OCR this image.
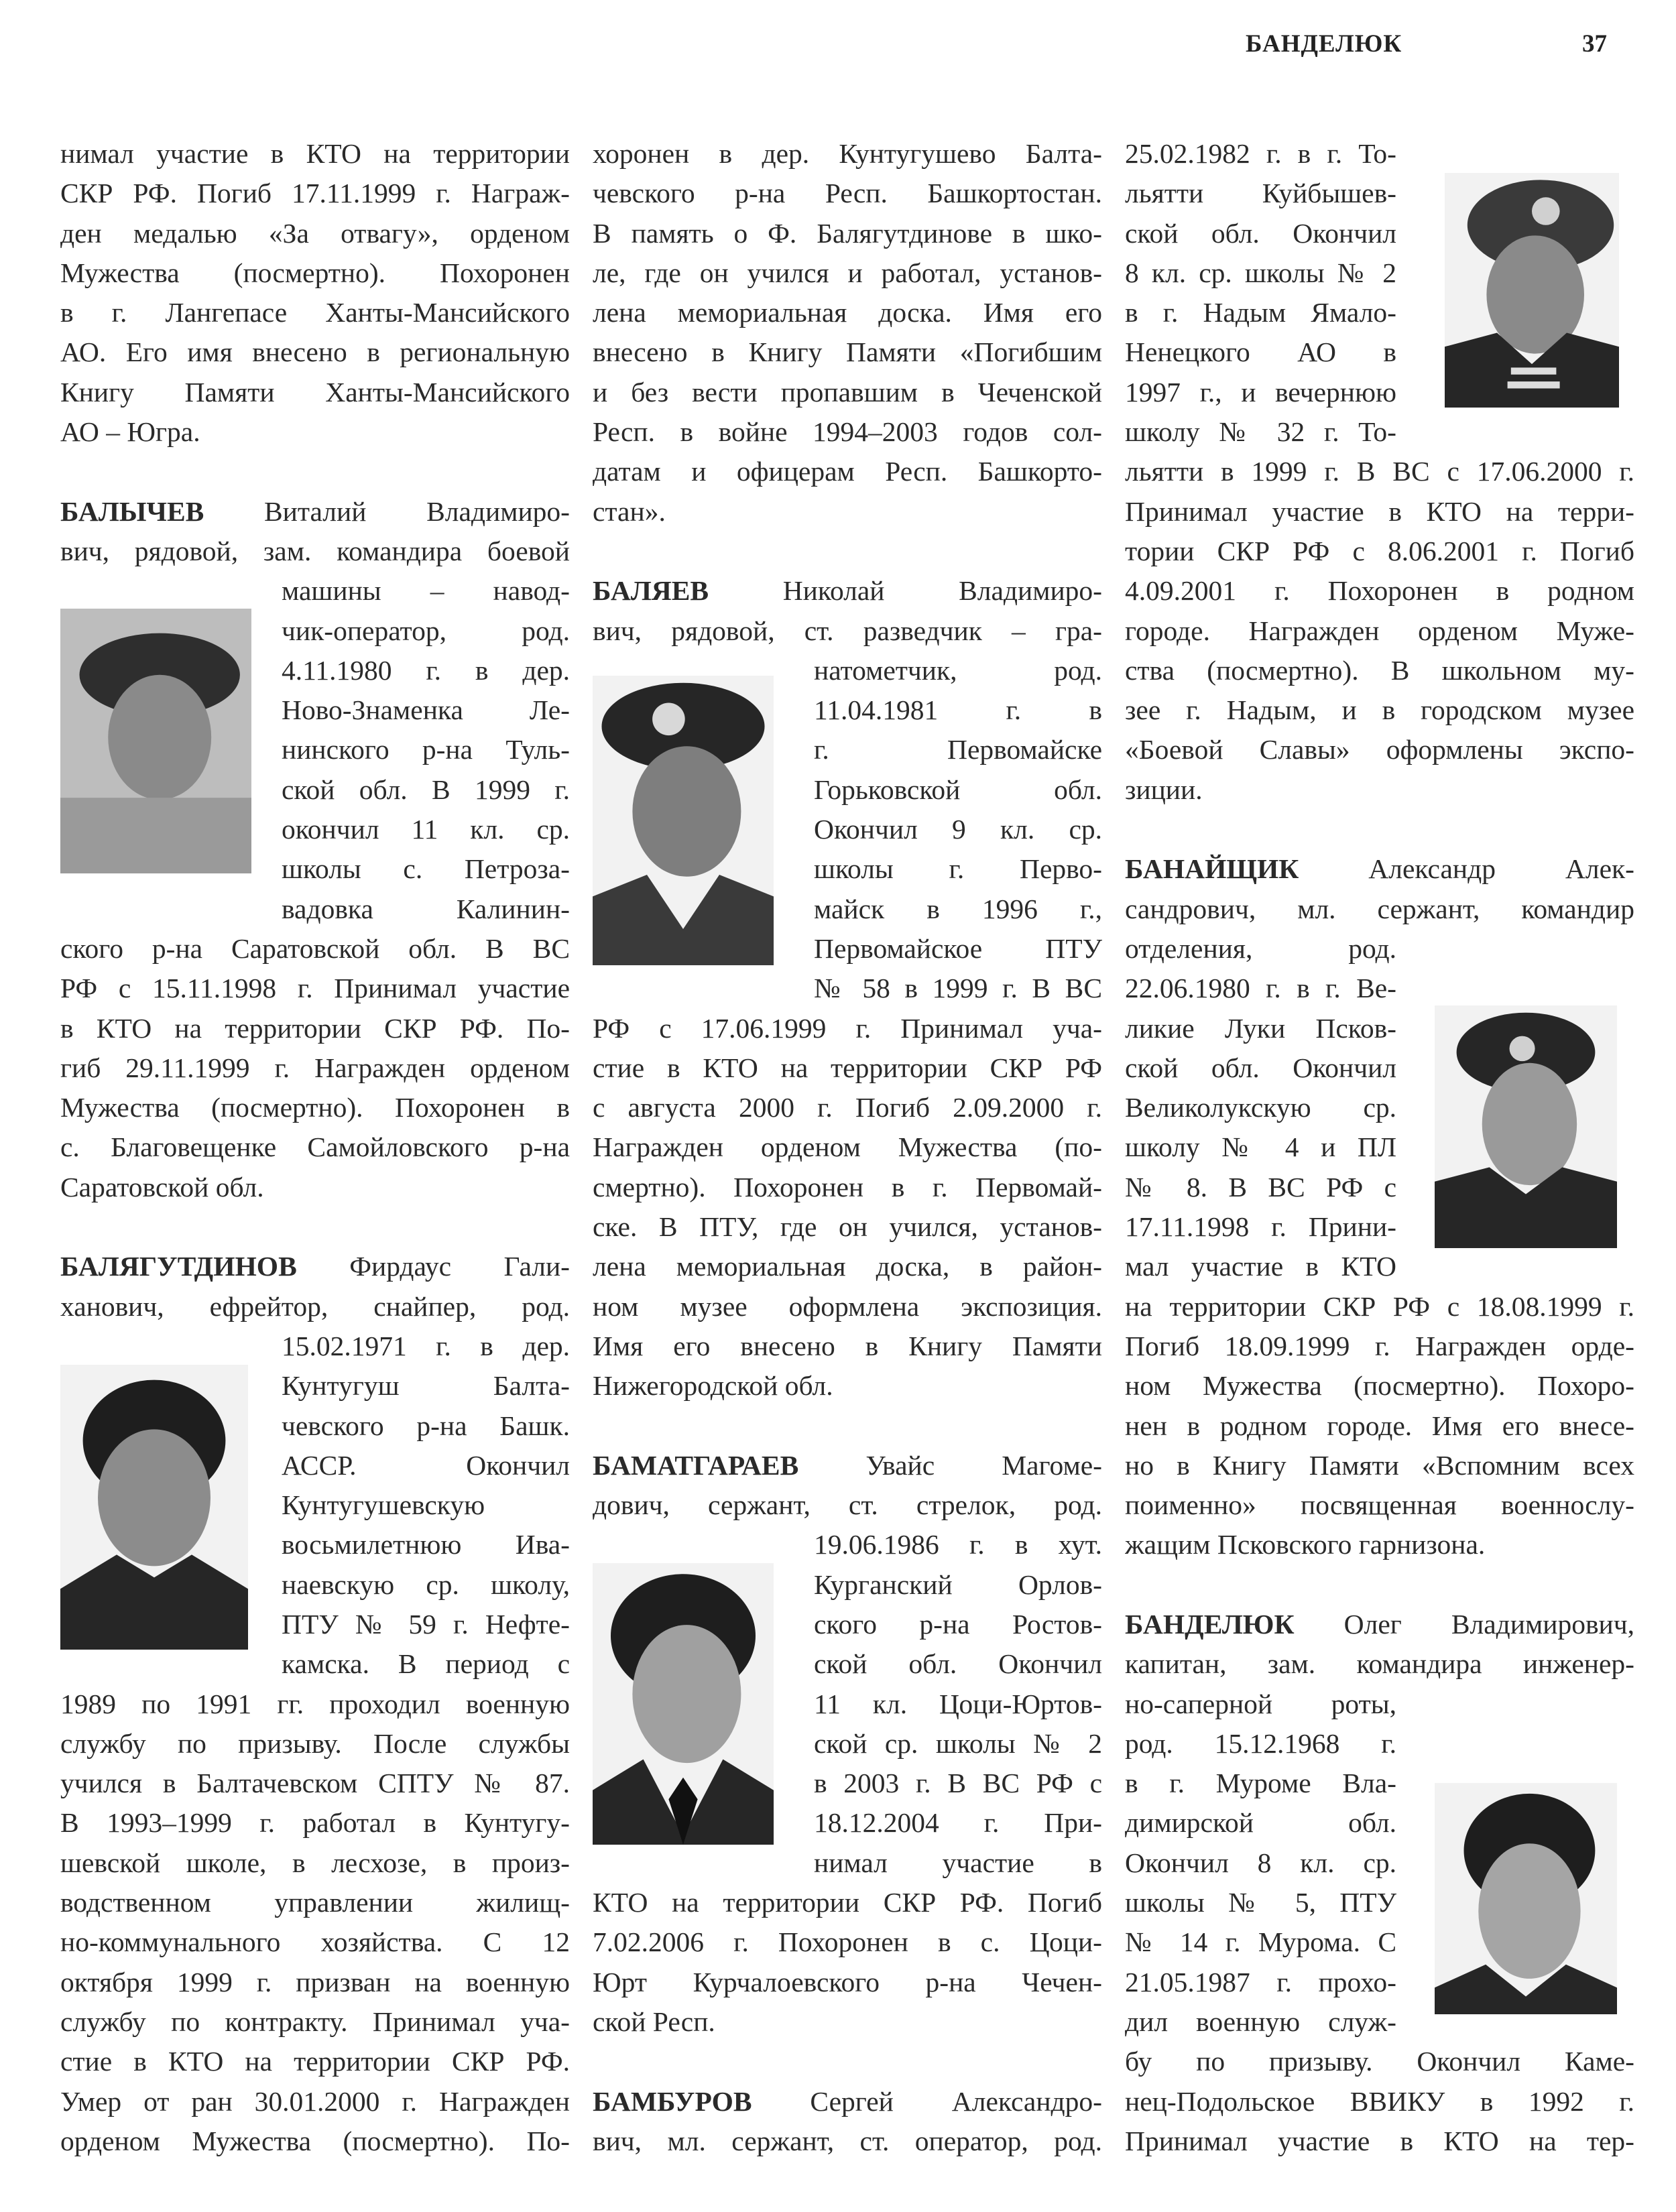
БАНДЕЛЮК	37
нимал участие в КТО на территории
СКР РФ. Погиб 17.11.1999 г. Награж-
ден медалью «За отвагу», орденом
Мужества (посмертно). Похоронен
в г. Лангепасе Ханты-Мансийского
АО. Его имя внесено в региональную
Книгу Памяти Ханты-Мансийского
АО – Югра.
БАЛЫЧЕВ Виталий Владимиро-
вич, рядовой, зам. командира боевой
машины – навод-
чик-оператор, род.
4.11.1980 г. в дер.
Ново-Знаменка Ле-
нинского р-на Туль-
ской обл. В 1999 г.
окончил 11 кл. ср.
школы с. Петроза-
вадовка Калинин-
ского р-на Саратовской обл. В ВС
РФ с 15.11.1998 г. Принимал участие
в КТО на территории СКР РФ. По-
гиб 29.11.1999 г. Награжден орденом
Мужества (посмертно). Похоронен в
с. Благовещенке Самойловского р-на
Саратовской обл.
БАЛЯГУТДИНОВ Фирдаус Гали-
ханович, ефрейтор, снайпер, род.
15.02.1971 г. в дер.
Кунтугуш Балта-
чевского р-на Башк.
АССР. Окончил
Кунтугушевскую
восьмилетнюю Ива-
наевскую ср. школу,
ПТУ № 59 г. Нефте-
камска. В период с
1989 по 1991 гг. проходил военную
службу по призыву. После службы
учился в Балтачевском СПТУ № 87.
В 1993–1999 г. работал в Кунтугу-
шевской школе, в лесхозе, в произ-
водственном управлении жилищ-
но-коммунального хозяйства. С 12
октября 1999 г. призван на военную
службу по контракту. Принимал уча-
стие в КТО на территории СКР РФ.
Умер от ран 30.01.2000 г. Награжден
орденом Мужества (посмертно). По-
хоронен в дер. Кунтугушево Балта-
чевского р-на Респ. Башкортостан.
В память о Ф. Балягутдинове в шко-
ле, где он учился и работал, установ-
лена мемориальная доска. Имя его
внесено в Книгу Памяти «Погибшим
и без вести пропавшим в Чеченской
Респ. в войне 1994–2003 годов сол-
датам и офицерам Респ. Башкорто-
стан».
БАЛЯЕВ Николай Владимиро-
вич, рядовой, ст. разведчик – гра-
натометчик, род.
11.04.1981 г. в
г. Первомайске
Горьковской обл.
Окончил 9 кл. ср.
школы г. Перво-
майск в 1996 г.,
Первомайское ПТУ
№ 58 в 1999 г. В ВС
РФ с 17.06.1999 г. Принимал уча-
стие в КТО на территории СКР РФ
с августа 2000 г. Погиб 2.09.2000 г.
Награжден орденом Мужества (по-
смертно). Похоронен в г. Первомай-
ске. В ПТУ, где он учился, установ-
лена мемориальная доска, в район-
ном музее оформлена экспозиция.
Имя его внесено в Книгу Памяти
Нижегородской обл.
БАМАТГАРАЕВ Увайс Магоме-
дович, сержант, ст. стрелок, род.
19.06.1986 г. в хут.
Курганский Орлов-
ского р-на Ростов-
ской обл. Окончил
11 кл. Цоци-Юртов-
ской ср. школы № 2
в 2003 г. В ВС РФ с
18.12.2004 г. При-
нимал участие в
КТО на территории СКР РФ. Погиб
7.02.2006 г. Похоронен в с. Цоци-
Юрт Курчалоевского р-на Чечен-
ской Респ.
БАМБУРОВ Сергей Александро-
вич, мл. сержант, ст. оператор, род.
25.02.1982 г. в г. То-
льятти Куйбышев-
ской обл. Окончил
8 кл. ср. школы № 2
в г. Надым Ямало-
Ненецкого АО в
1997 г., и вечернюю
школу № 32 г. То-
льятти в 1999 г. В ВС с 17.06.2000 г.
Принимал участие в КТО на терри-
тории СКР РФ с 8.06.2001 г. Погиб
4.09.2001 г. Похоронен в родном
городе. Награжден орденом Муже-
ства (посмертно). В школьном му-
зее г. Надым, и в городском музее
«Боевой Славы» оформлены экспо-
зиции.
БАНАЙЩИК Александр Алек-
сандрович, мл. сержант, командир
отделения, род.
22.06.1980 г. в г. Ве-
ликие Луки Псков-
ской обл. Окончил
Великолукскую ср.
школу № 4 и ПЛ
№ 8. В ВС РФ с
17.11.1998 г. Прини-
мал участие в КТО
на территории СКР РФ с 18.08.1999 г.
Погиб 18.09.1999 г. Награжден орде-
ном Мужества (посмертно). Похоро-
нен в родном городе. Имя его внесе-
но в Книгу Памяти «Вспомним всех
поименно» посвященная военнослу-
жащим Псковского гарнизона.
БАНДЕЛЮК Олег Владимирович,
капитан, зам. командира инженер-
но-саперной роты,
род. 15.12.1968 г.
в г. Муроме Вла-
димирской обл.
Окончил 8 кл. ср.
школы № 5, ПТУ
№ 14 г. Мурома. С
21.05.1987 г. прохо-
дил военную служ-
бу по призыву. Окончил Каме-
нец-Подольское ВВИКУ в 1992 г.
Принимал участие в КТО на тер-
